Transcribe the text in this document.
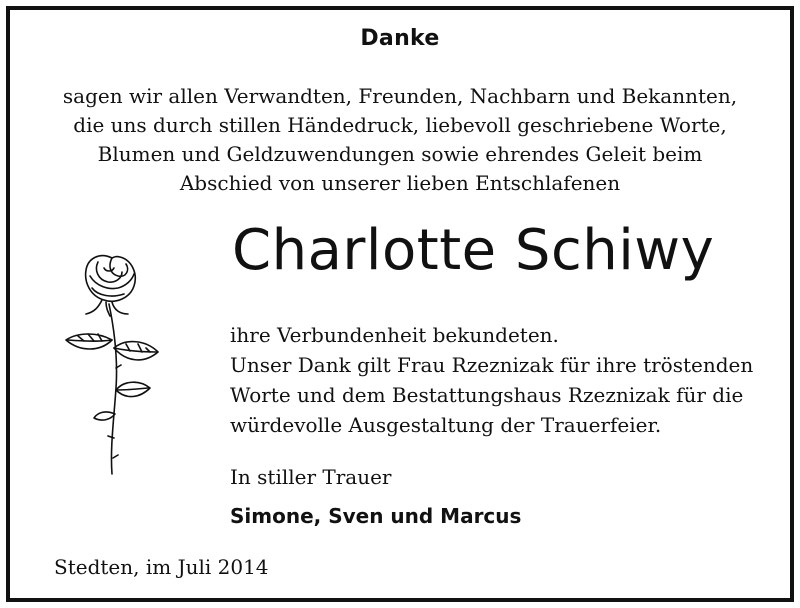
Danke
sagen wir allen Verwandten, Freunden, Nachbarn und Bekannten,
die uns durch stillen Händedruck, liebevoll geschriebene Worte,
Blumen und Geldzuwendungen sowie ehrendes Geleit beim
Abschied von unserer lieben Entschlafenen
Charlotte Schiwy
ihre Verbundenheit bekundeten.
Unser Dank gilt Frau Rzeznizak für ihre tröstenden
Worte und dem Bestattungshaus Rzeznizak für die
würdevolle Ausgestaltung der Trauerfeier.
In stiller Trauer
Simone, Sven und Marcus
Stedten, im Juli 2014
